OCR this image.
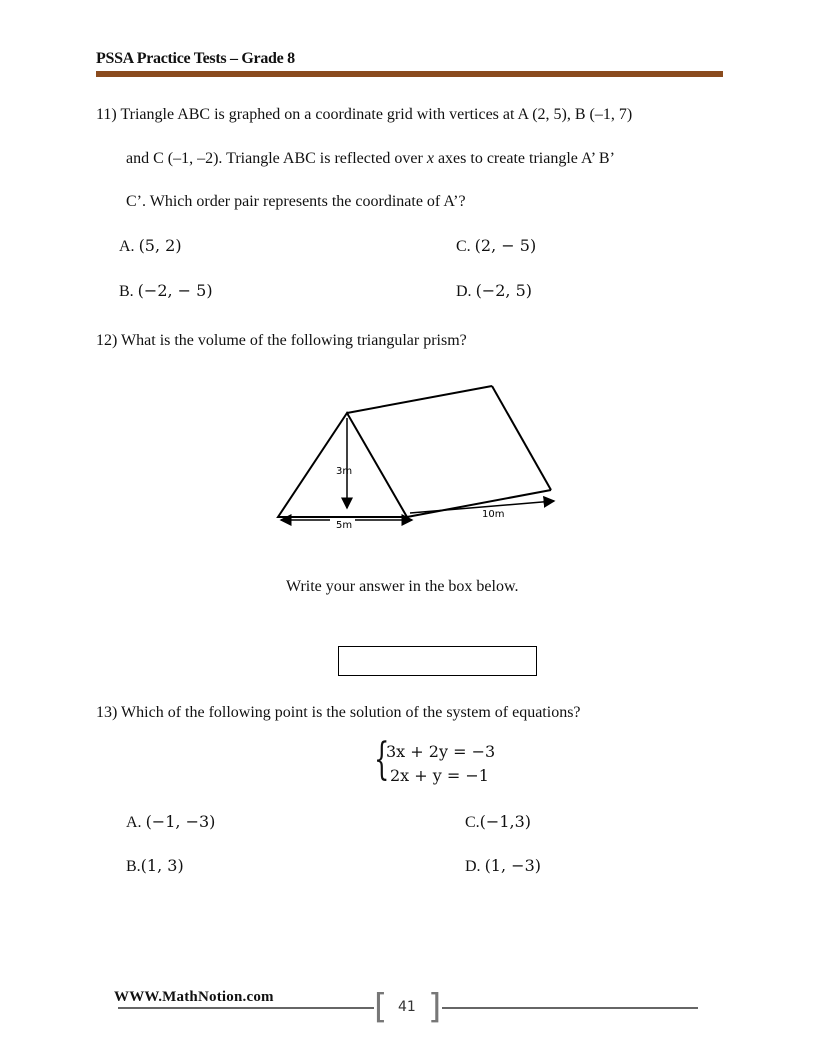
PSSA Practice Tests – Grade 8
11) Triangle ABC is graphed on a coordinate grid with vertices at A (2, 5), B (–1, 7)
and C (–1, –2). Triangle ABC is reflected over x axes to create triangle A’ B’
C’. Which order pair represents the coordinate of A’?
A. (5, 2)
B. (−2, − 5)
C. (2, − 5)
D. (−2, 5)
12) What is the volume of the following triangular prism?
3m
5m
10m
Write your answer in the box below.
13) Which of the following point is the solution of the system of equations?
{
3x + 2y = −3
2x + y = −1
A. (−1, −3)
B.(1, 3)
C.(−1,3)
D. (1, −3)
WWW.MathNotion.com	[ ]
41
